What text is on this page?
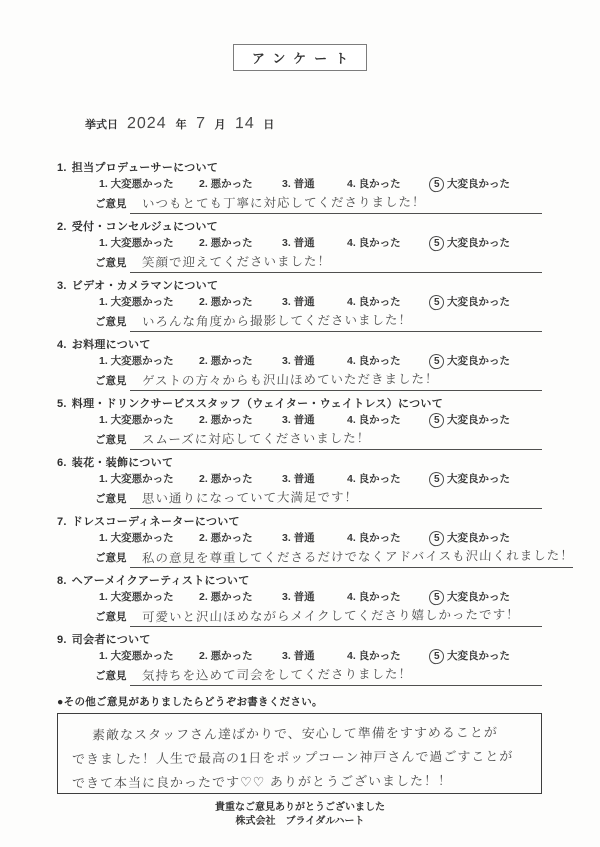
アンケート
挙式日 2024 年 7 月 14 日
1. 担当プロデューサーについて
1. 大変悪かった	2. 悪かった	3. 普通	4. 良かった	5 大変良かった
ご意見	いつもとても丁寧に対応してくださりました！
2. 受付・コンセルジュについて
1. 大変悪かった	2. 悪かった	3. 普通	4. 良かった	5 大変良かった
ご意見	笑顔で迎えてくださいました！
3. ビデオ・カメラマンについて
1. 大変悪かった	2. 悪かった	3. 普通	4. 良かった	5 大変良かった
ご意見	いろんな角度から撮影してくださいました！
4. お料理について
1. 大変悪かった	2. 悪かった	3. 普通	4. 良かった	5 大変良かった
ご意見	ゲストの方々からも沢山ほめていただきました！
5. 料理・ドリンクサービススタッフ（ウェイター・ウェイトレス）について
1. 大変悪かった	2. 悪かった	3. 普通	4. 良かった	5 大変良かった
ご意見	スムーズに対応してくださいました！
6. 装花・装飾について
1. 大変悪かった	2. 悪かった	3. 普通	4. 良かった	5 大変良かった
ご意見	思い通りになっていて大満足です！
7. ドレスコーディネーターについて
1. 大変悪かった	2. 悪かった	3. 普通	4. 良かった	5 大変良かった
ご意見	私の意見を尊重してくださるだけでなくアドバイスも沢山くれました！
8. ヘアーメイクアーティストについて
1. 大変悪かった	2. 悪かった	3. 普通	4. 良かった	5 大変良かった
ご意見	可愛いと沢山ほめながらメイクしてくださり嬉しかったです！
9. 司会者について
1. 大変悪かった	2. 悪かった	3. 普通	4. 良かった	5 大変良かった
ご意見	気持ちを込めて司会をしてくださりました！
●その他ご意見がありましたらどうぞお書きください。
素敵なスタッフさん達ばかりで、安心して準備をすすめることが
できました！人生で最高の1日をポップコーン神戸さんで過ごすことが
できて本当に良かったです♡♡ ありがとうございました！！
貴重なご意見ありがとうございました
株式会社　ブライダルハート
